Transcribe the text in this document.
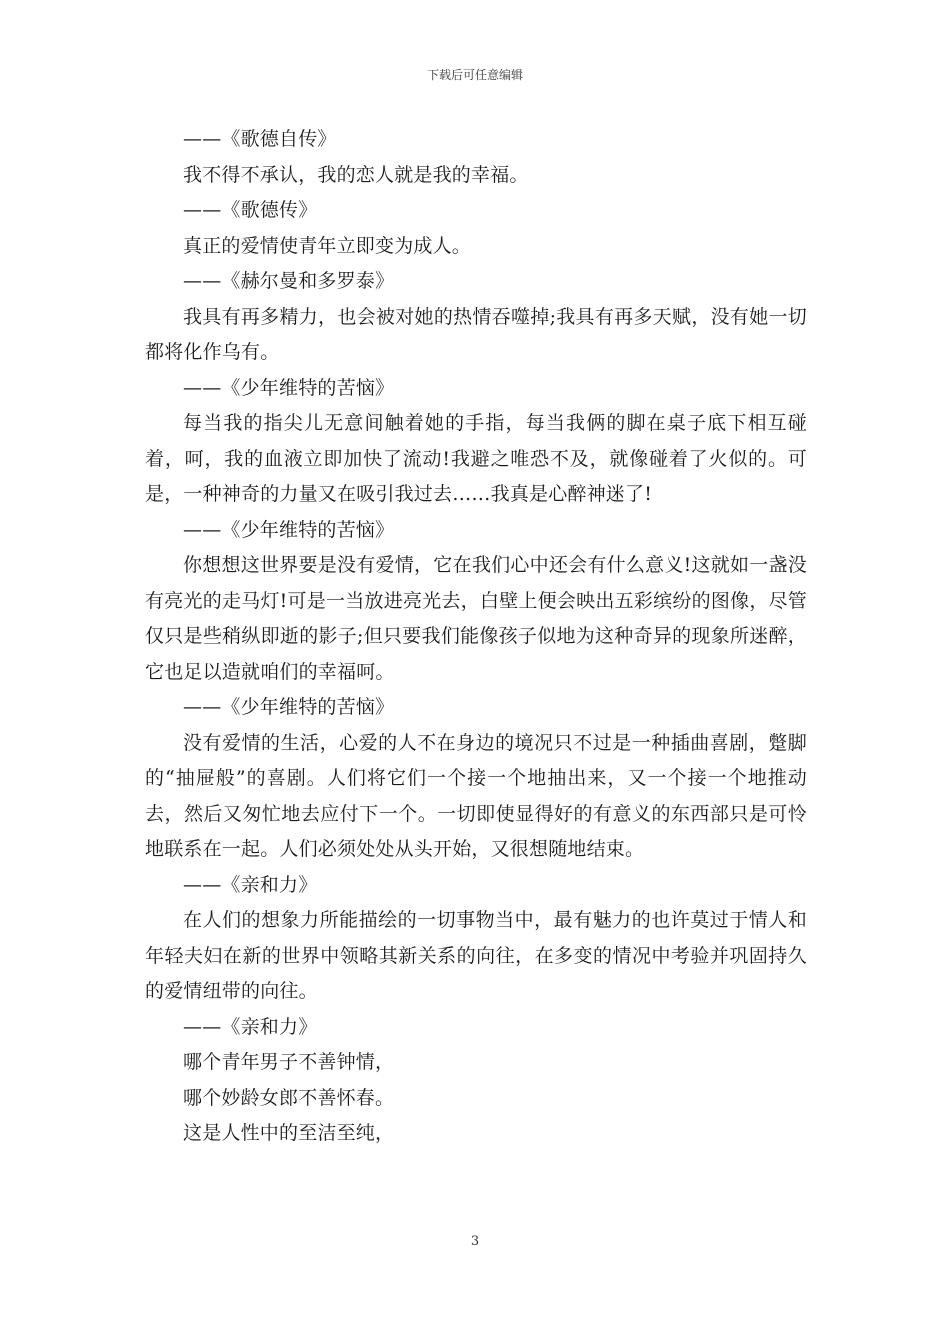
下载后可任意编辑

——《歌德自传》

我不得不承认，我的恋人就是我的幸福。

——《歌德传》

真正的爱情使青年立即变为成人。

——《赫尔曼和多罗泰》

我具有再多精力，也会被对她的热情吞噬掉;我具有再多天赋，没有她一切都将化作乌有。

——《少年维特的苦恼》

每当我的指尖儿无意间触着她的手指，每当我俩的脚在桌子底下相互碰着，呵，我的血液立即加快了流动!我避之唯恐不及，就像碰着了火似的。可是，一种神奇的力量又在吸引我过去……我真是心醉神迷了!

——《少年维特的苦恼》

你想想这世界要是没有爱情，它在我们心中还会有什么意义!这就如一盏没有亮光的走马灯!可是一当放进亮光去，白壁上便会映出五彩缤纷的图像，尽管仅只是些稍纵即逝的影子;但只要我们能像孩子似地为这种奇异的现象所迷醉，它也足以造就咱们的幸福呵。

——《少年维特的苦恼》

没有爱情的生活，心爱的人不在身边的境况只不过是一种插曲喜剧，蹩脚的“抽屉般”的喜剧。人们将它们一个接一个地抽出来，又一个接一个地推动去，然后又匆忙地去应付下一个。一切即使显得好的有意义的东西部只是可怜地联系在一起。人们必须处处从头开始，又很想随地结束。

——《亲和力》

在人们的想象力所能描绘的一切事物当中，最有魅力的也许莫过于情人和年轻夫妇在新的世界中领略其新关系的向往，在多变的情况中考验并巩固持久的爱情纽带的向往。

——《亲和力》

哪个青年男子不善钟情，

哪个妙龄女郎不善怀春。

这是人性中的至洁至纯，

3
